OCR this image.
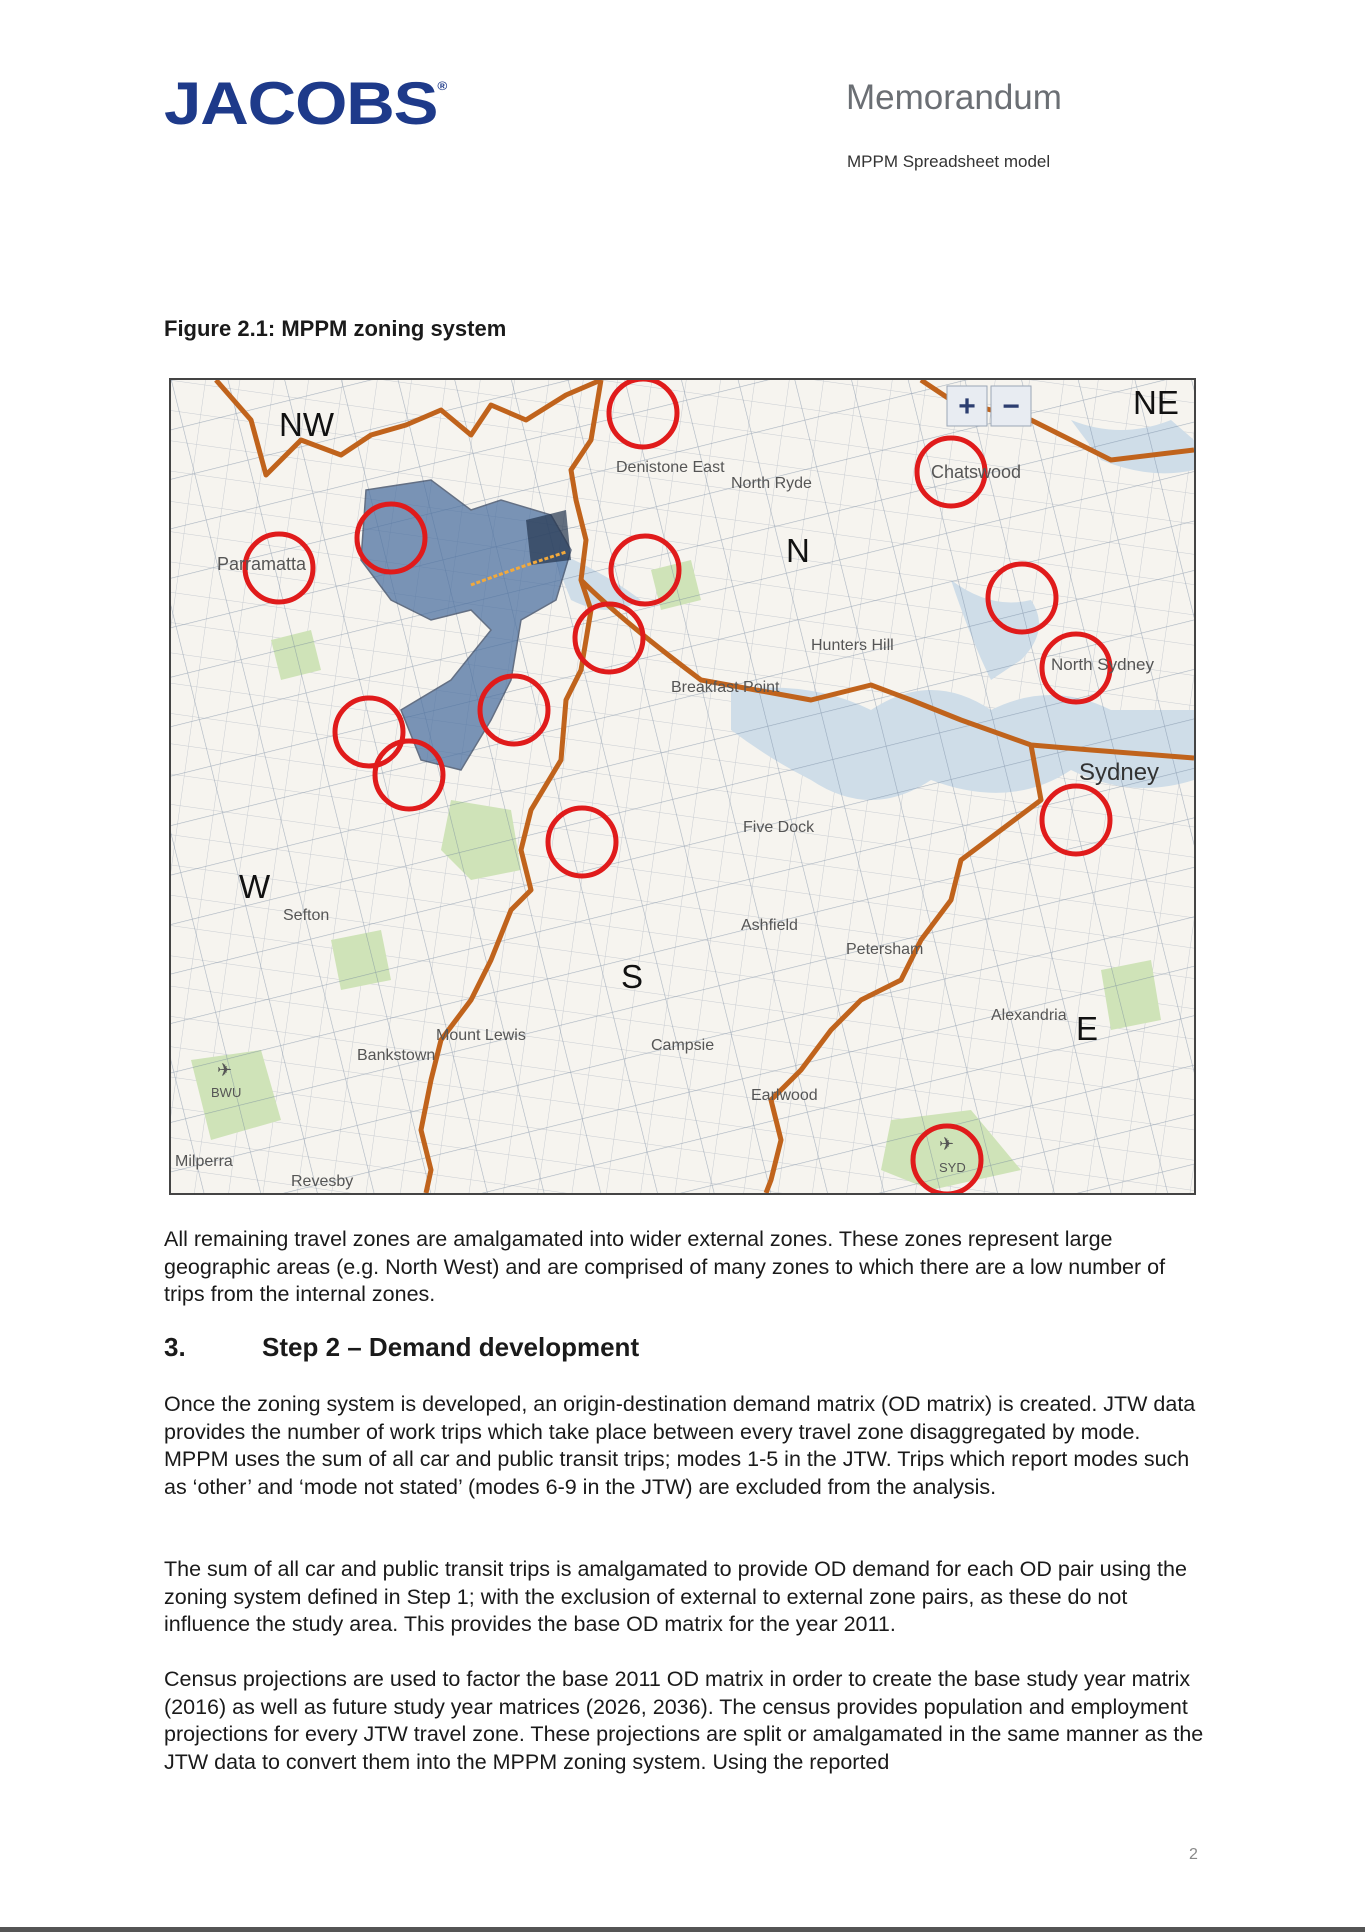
JACOBS®	Memorandum
MPPM Spreadsheet model
Figure 2.1: MPPM zoning system
+ −
NW
NE
N
W
S
E
Parramatta
Chatswood
North Sydney
Sydney
Five Dock
Ashfield
Petersham
Alexandria
Campsie
Earlwood
Bankstown
Revesby
Sefton
Hunters Hill
North Ryde
Denistone East
Breakfast Point
Mount Lewis
Milperra
BWU
SYD
✈
✈

All remaining travel zones are amalgamated into wider external zones. These zones represent large geographic areas (e.g. North West) and are comprised of many zones to which there are a low number of trips from the internal zones.

3.	Step 2 – Demand development

Once the zoning system is developed, an origin-destination demand matrix (OD matrix) is created. JTW data provides the number of work trips which take place between every travel zone disaggregated by mode. MPPM uses the sum of all car and public transit trips; modes 1-5 in the JTW. Trips which report modes such as ‘other’ and ‘mode not stated’ (modes 6-9 in the JTW) are excluded from the analysis.

The sum of all car and public transit trips is amalgamated to provide OD demand for each OD pair using the zoning system defined in Step 1; with the exclusion of external to external zone pairs, as these do not influence the study area. This provides the base OD matrix for the year 2011.

Census projections are used to factor the base 2011 OD matrix in order to create the base study year matrix (2016) as well as future study year matrices (2026, 2036). The census provides population and employment projections for every JTW travel zone. These projections are split or amalgamated in the same manner as the JTW data to convert them into the MPPM zoning system. Using the reported

2
